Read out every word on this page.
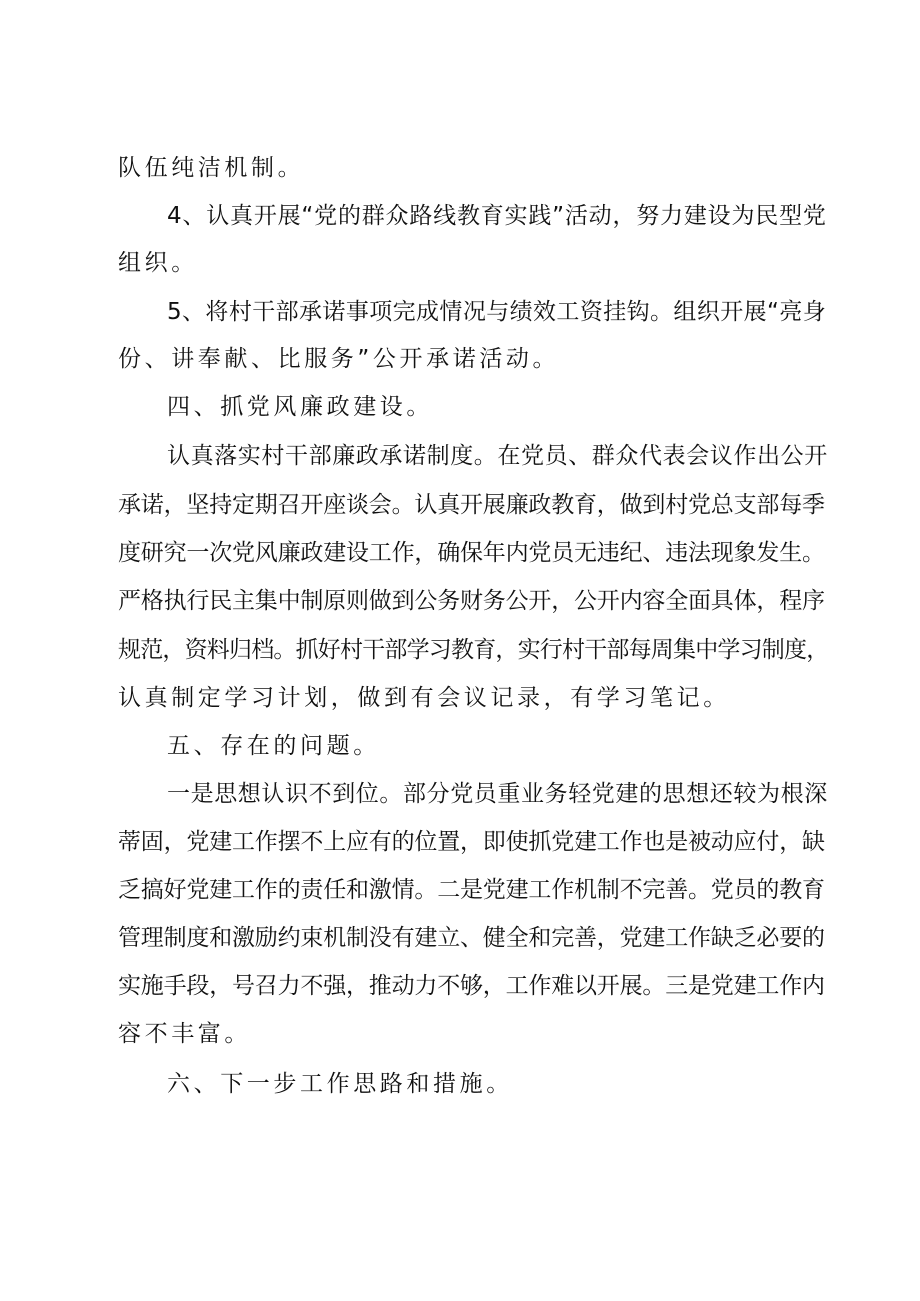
队伍纯洁机制。
4、认真开展“党的群众路线教育实践”活动，努力建设为民型党
组织。
5、将村干部承诺事项完成情况与绩效工资挂钩。组织开展“亮身
份、讲奉献、比服务”公开承诺活动。
四、抓党风廉政建设。
认真落实村干部廉政承诺制度。在党员、群众代表会议作出公开
承诺，坚持定期召开座谈会。认真开展廉政教育，做到村党总支部每季
度研究一次党风廉政建设工作，确保年内党员无违纪、违法现象发生。
严格执行民主集中制原则做到公务财务公开，公开内容全面具体，程序
规范，资料归档。抓好村干部学习教育，实行村干部每周集中学习制度，
认真制定学习计划，做到有会议记录，有学习笔记。
五、存在的问题。
一是思想认识不到位。部分党员重业务轻党建的思想还较为根深
蒂固，党建工作摆不上应有的位置，即使抓党建工作也是被动应付，缺
乏搞好党建工作的责任和激情。二是党建工作机制不完善。党员的教育
管理制度和激励约束机制没有建立、健全和完善，党建工作缺乏必要的
实施手段，号召力不强，推动力不够，工作难以开展。三是党建工作内
容不丰富。
六、下一步工作思路和措施。
